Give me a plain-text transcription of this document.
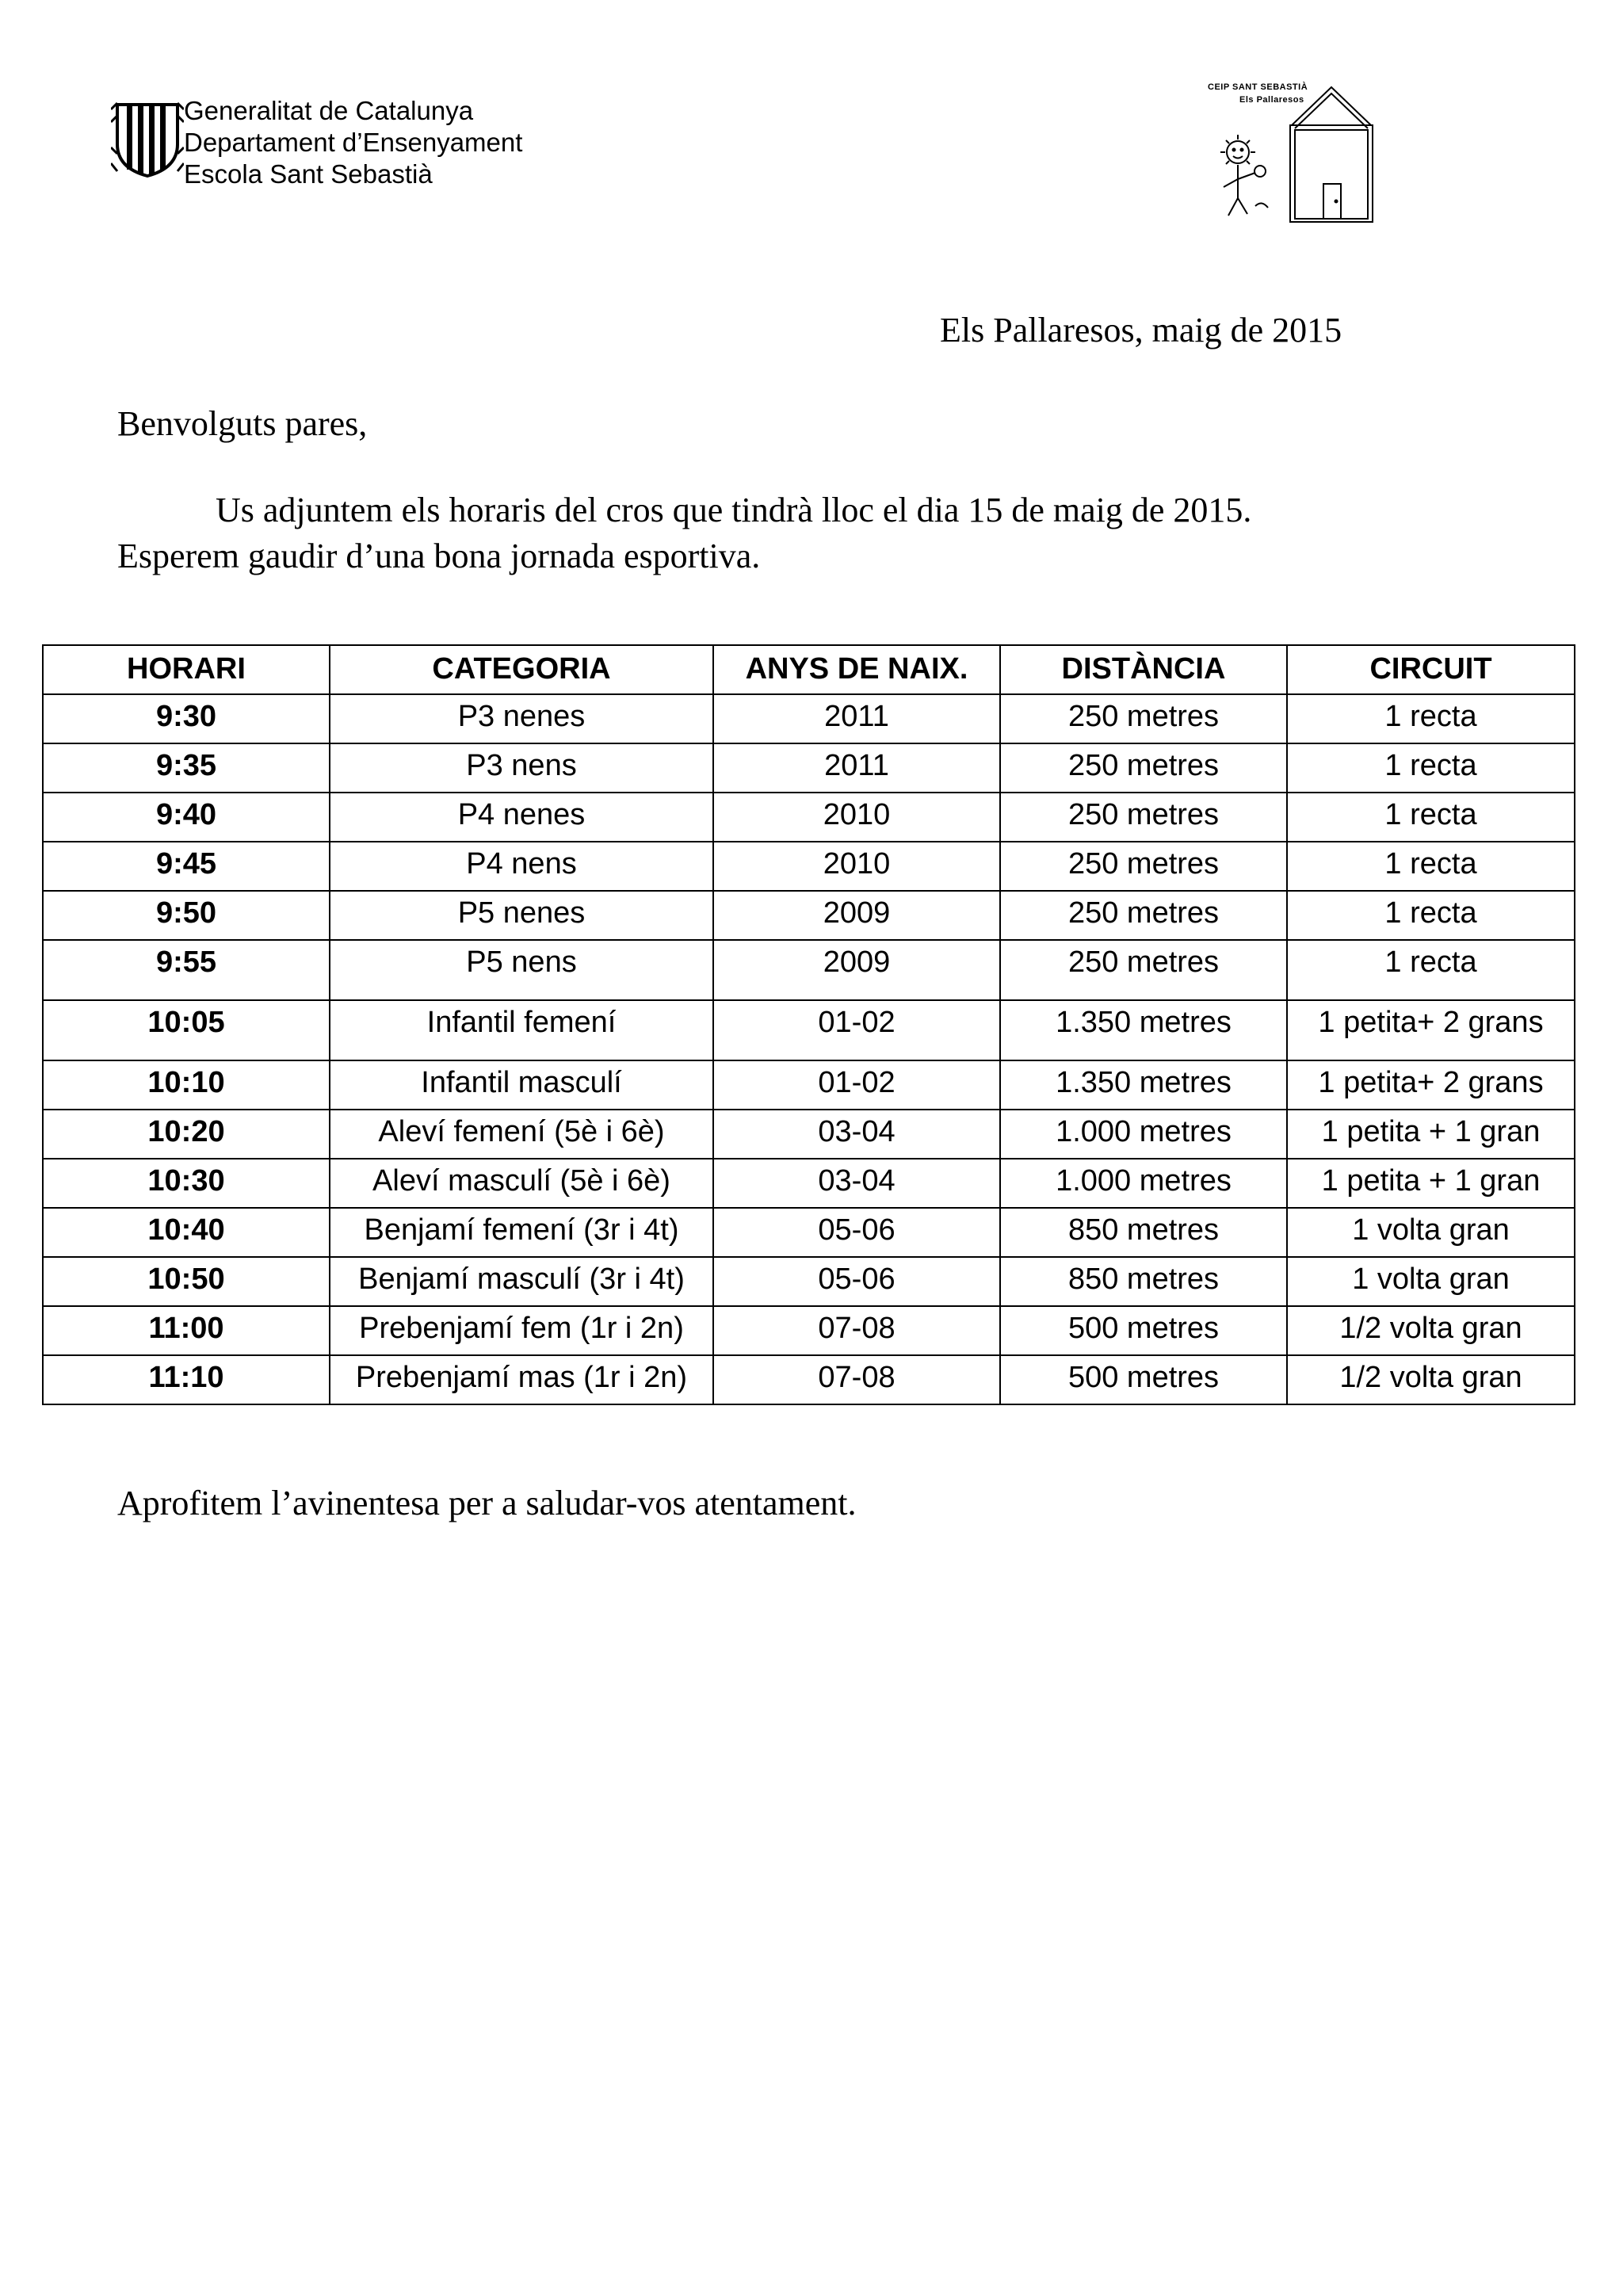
Generalitat de Catalunya
Departament d’Ensenyament
Escola Sant Sebastià
CEIP SANT SEBASTIÀ
Els Pallaresos
Els Pallaresos, maig de 2015
Benvolguts pares,
Us adjuntem els horaris del cros que tindrà lloc el dia 15 de maig de 2015.
Esperem gaudir d’una bona jornada esportiva.
HORARI	CATEGORIA	ANYS DE NAIX.	DISTÀNCIA	CIRCUIT
9:30	P3 nenes	2011	250 metres	1 recta
9:35	P3 nens	2011	250 metres	1 recta
9:40	P4 nenes	2010	250 metres	1 recta
9:45	P4 nens	2010	250 metres	1 recta
9:50	P5 nenes	2009	250 metres	1 recta
9:55	P5 nens	2009	250 metres	1 recta
10:05	Infantil femení	01-02	1.350 metres	1 petita+ 2 grans
10:10	Infantil masculí	01-02	1.350 metres	1 petita+ 2 grans
10:20	Aleví femení (5è i 6è)	03-04	1.000 metres	1 petita + 1 gran
10:30	Aleví masculí (5è i 6è)	03-04	1.000 metres	1 petita + 1 gran
10:40	Benjamí femení (3r i 4t)	05-06	850 metres	1 volta gran
10:50	Benjamí masculí (3r i 4t)	05-06	850 metres	1 volta gran
11:00	Prebenjamí fem (1r i 2n)	07-08	500 metres	1/2 volta gran
11:10	Prebenjamí mas (1r i 2n)	07-08	500 metres	1/2 volta gran
Aprofitem l’avinentesa per a saludar-vos atentament.
